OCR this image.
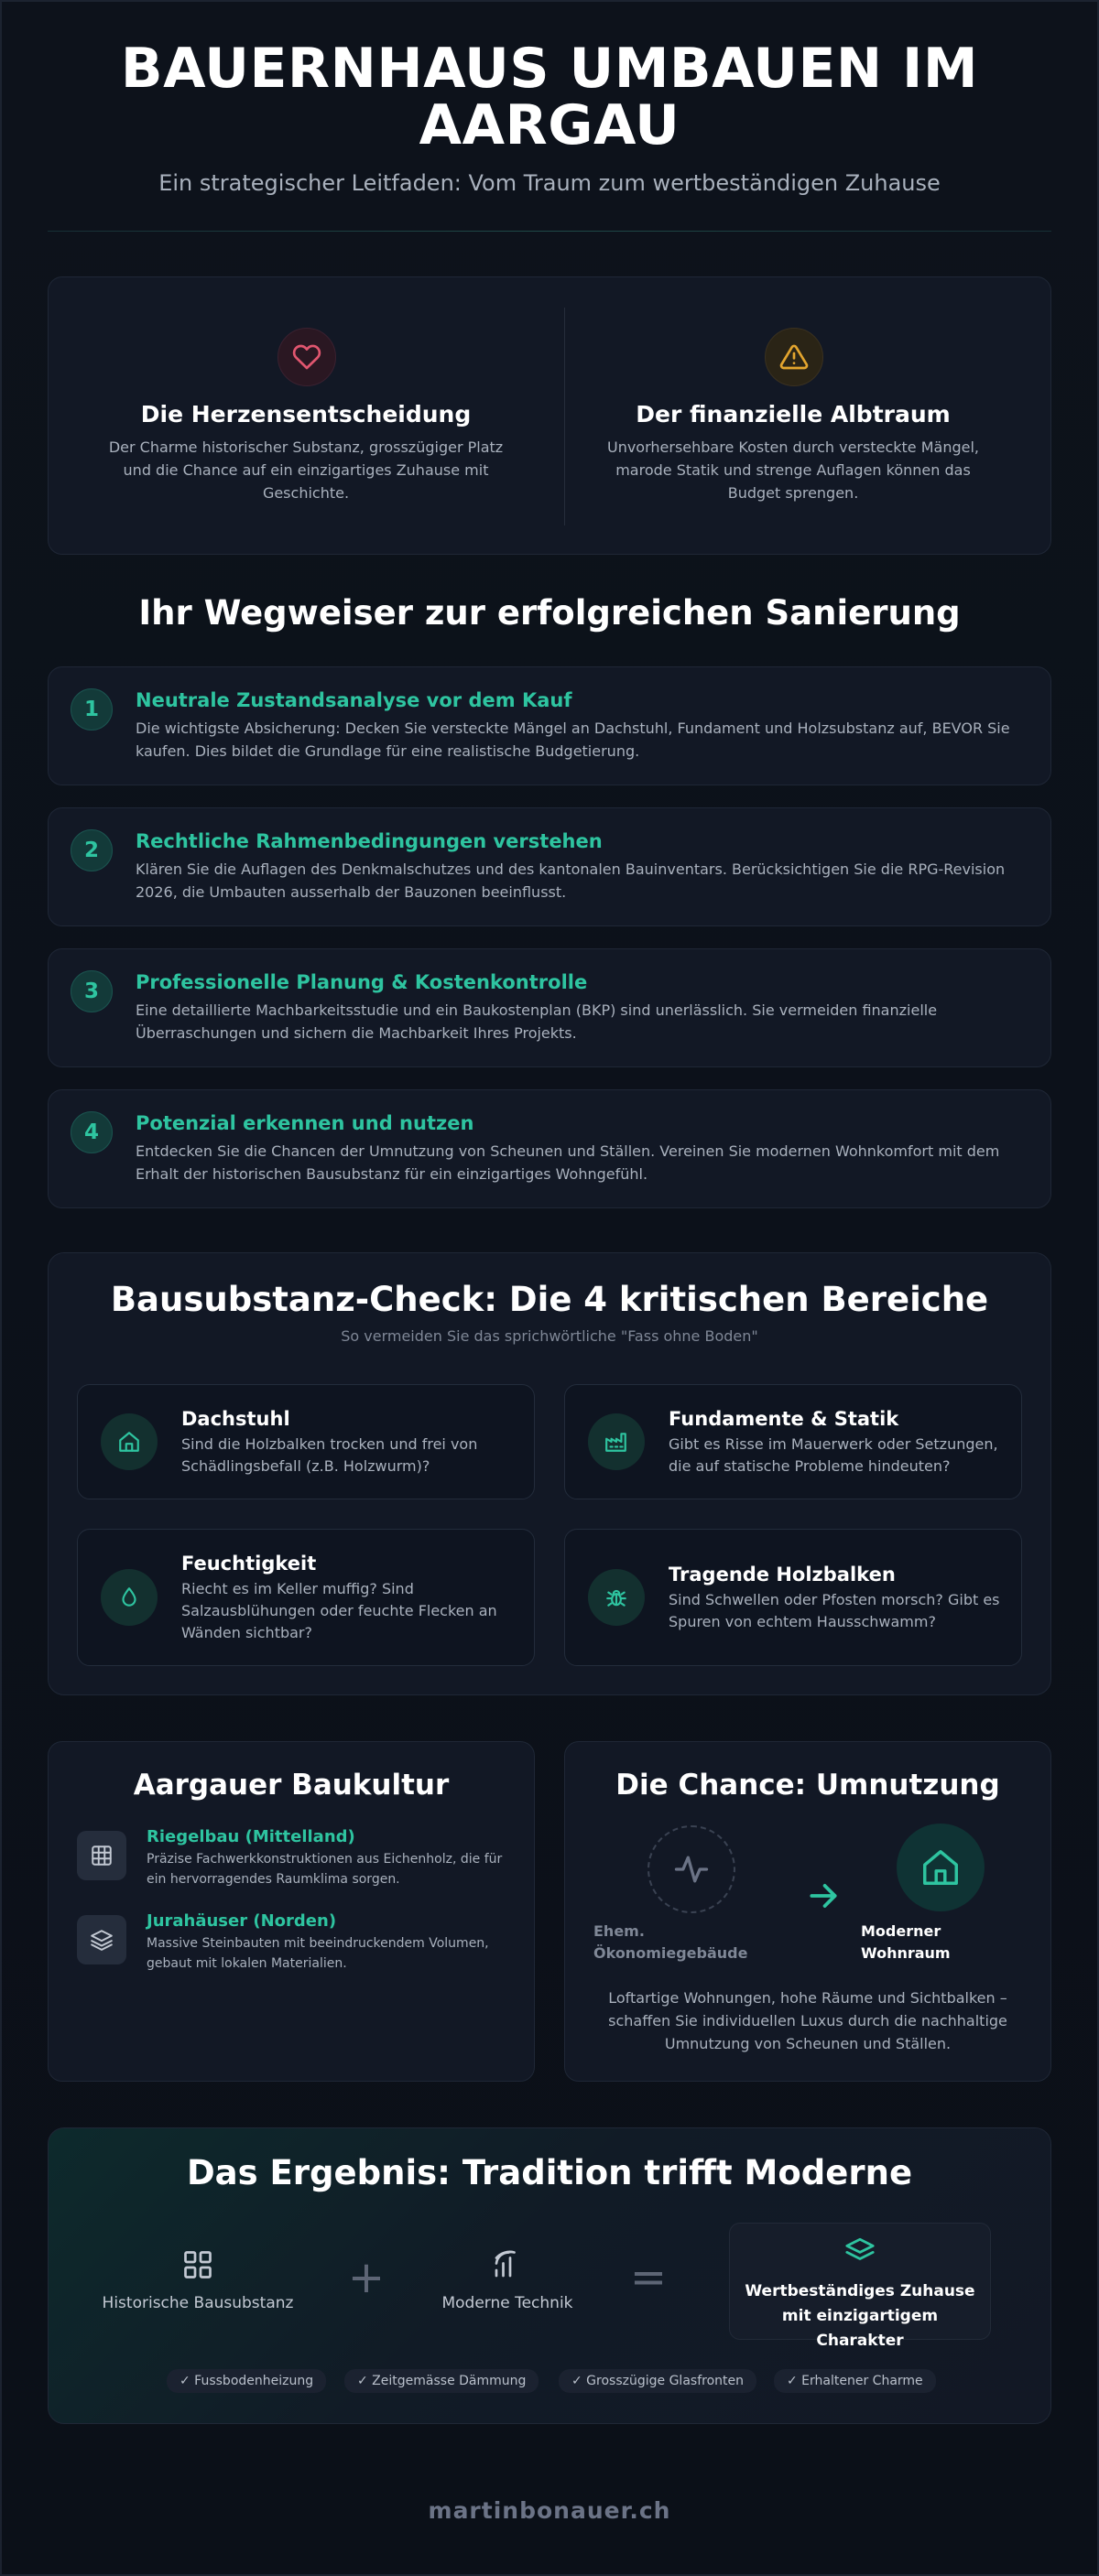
BAUERNHAUS UMBAUEN IM AARGAU
Ein strategischer Leitfaden: Vom Traum zum wertbeständigen Zuhause
Die Herzensentscheidung
Der Charme historischer Substanz, grosszügiger Platz und die Chance auf ein einzigartiges Zuhause mit Geschichte.
Der finanzielle Albtraum
Unvorhersehbare Kosten durch versteckte Mängel, marode Statik und strenge Auflagen können das Budget sprengen.
Ihr Wegweiser zur erfolgreichen Sanierung
1	Neutrale Zustandsanalyse vor dem Kauf
Die wichtigste Absicherung: Decken Sie versteckte Mängel an Dachstuhl, Fundament und Holzsubstanz auf, BEVOR Sie kaufen. Dies bildet die Grundlage für eine realistische Budgetierung.
2	Rechtliche Rahmenbedingungen verstehen
Klären Sie die Auflagen des Denkmalschutzes und des kantonalen Bauinventars. Berücksichtigen Sie die RPG-Revision 2026, die Umbauten ausserhalb der Bauzonen beeinflusst.
3	Professionelle Planung & Kostenkontrolle
Eine detaillierte Machbarkeitsstudie und ein Baukostenplan (BKP) sind unerlässlich. Sie vermeiden finanzielle Überraschungen und sichern die Machbarkeit Ihres Projekts.
4	Potenzial erkennen und nutzen
Entdecken Sie die Chancen der Umnutzung von Scheunen und Ställen. Vereinen Sie modernen Wohnkomfort mit dem Erhalt der historischen Bausubstanz für ein einzigartiges Wohngefühl.
Bausubstanz-Check: Die 4 kritischen Bereiche
So vermeiden Sie das sprichwörtliche "Fass ohne Boden"
Dachstuhl
Sind die Holzbalken trocken und frei von Schädlingsbefall (z.B. Holzwurm)?
Fundamente & Statik
Gibt es Risse im Mauerwerk oder Setzungen, die auf statische Probleme hindeuten?
Feuchtigkeit
Riecht es im Keller muffig? Sind Salzausblühungen oder feuchte Flecken an Wänden sichtbar?
Tragende Holzbalken
Sind Schwellen oder Pfosten morsch? Gibt es Spuren von echtem Hausschwamm?
Aargauer Baukultur
Riegelbau (Mittelland)
Präzise Fachwerkkonstruktionen aus Eichenholz, die für ein hervorragendes Raumklima sorgen.
Jurahäuser (Norden)
Massive Steinbauten mit beeindruckendem Volumen, gebaut mit lokalen Materialien.
Die Chance: Umnutzung
Ehem. Ökonomiegebäude
Moderner Wohnraum
Loftartige Wohnungen, hohe Räume und Sichtbalken – schaffen Sie individuellen Luxus durch die nachhaltige Umnutzung von Scheunen und Ställen.
Das Ergebnis: Tradition trifft Moderne
Historische Bausubstanz	+	Moderne Technik	=	Wertbeständiges Zuhause mit einzigartigem Charakter
✓ Fussbodenheizung	✓ Zeitgemässe Dämmung	✓ Grosszügige Glasfronten	✓ Erhaltener Charme
martinbonauer.ch
